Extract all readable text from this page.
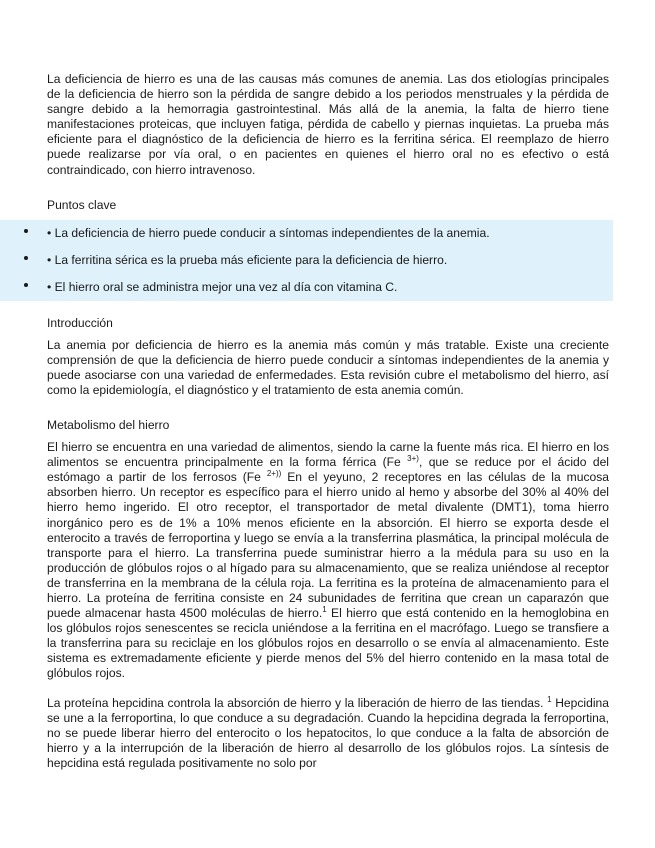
La deficiencia de hierro es una de las causas más comunes de anemia. Las dos etiologías principales de la deficiencia de hierro son la pérdida de sangre debido a los periodos menstruales y la pérdida de sangre debido a la hemorragia gastrointestinal. Más allá de la anemia, la falta de hierro tiene manifestaciones proteicas, que incluyen fatiga, pérdida de cabello y piernas inquietas. La prueba más eficiente para el diagnóstico de la deficiencia de hierro es la ferritina sérica. El reemplazo de hierro puede realizarse por vía oral, o en pacientes en quienes el hierro oral no es efectivo o está contraindicado, con hierro intravenoso.

Puntos clave
• La deficiencia de hierro puede conducir a síntomas independientes de la anemia.
• La ferritina sérica es la prueba más eficiente para la deficiencia de hierro.
• El hierro oral se administra mejor una vez al día con vitamina C.
Introducción

La anemia por deficiencia de hierro es la anemia más común y más tratable. Existe una creciente comprensión de que la deficiencia de hierro puede conducir a síntomas independientes de la anemia y puede asociarse con una variedad de enfermedades. Esta revisión cubre el metabolismo del hierro, así como la epidemiología, el diagnóstico y el tratamiento de esta anemia común.

Metabolismo del hierro

El hierro se encuentra en una variedad de alimentos, siendo la carne la fuente más rica. El hierro en los alimentos se encuentra principalmente en la forma férrica (Fe $^{3+)}$, que se reduce por el ácido del estómago a partir de los ferrosos (Fe $^{2+))}$ En el yeyuno, 2 receptores en las células de la mucosa absorben hierro. Un receptor es específico para el hierro unido al hemo y absorbe del 30% al 40% del hierro hemo ingerido. El otro receptor, el transportador de metal divalente (DMT1), toma hierro inorgánico pero es de 1% a 10% menos eficiente en la absorción. El hierro se exporta desde el enterocito a través de ferroportina y luego se envía a la transferrina plasmática, la principal molécula de transporte para el hierro. La transferrina puede suministrar hierro a la médula para su uso en la producción de glóbulos rojos o al hígado para su almacenamiento, que se realiza uniéndose al receptor de transferrina en la membrana de la célula roja. La ferritina es la proteína de almacenamiento para el hierro. La proteína de ferritina consiste en 24 subunidades de ferritina que crean un caparazón que puede almacenar hasta 4500 moléculas de hierro.$^1$ El hierro que está contenido en la hemoglobina en los glóbulos rojos senescentes se recicla uniéndose a la ferritina en el macrófago. Luego se transfiere a la transferrina para su reciclaje en los glóbulos rojos en desarrollo o se envía al almacenamiento. Este sistema es extremadamente eficiente y pierde menos del 5% del hierro contenido en la masa total de glóbulos rojos.

La proteína hepcidina controla la absorción de hierro y la liberación de hierro de las tiendas. $^1$ Hepcidina se une a la ferroportina, lo que conduce a su degradación. Cuando la hepcidina degrada la ferroportina, no se puede liberar hierro del enterocito o los hepatocitos, lo que conduce a la falta de absorción de hierro y a la interrupción de la liberación de hierro al desarrollo de los glóbulos rojos. La síntesis de hepcidina está regulada positivamente no solo por
